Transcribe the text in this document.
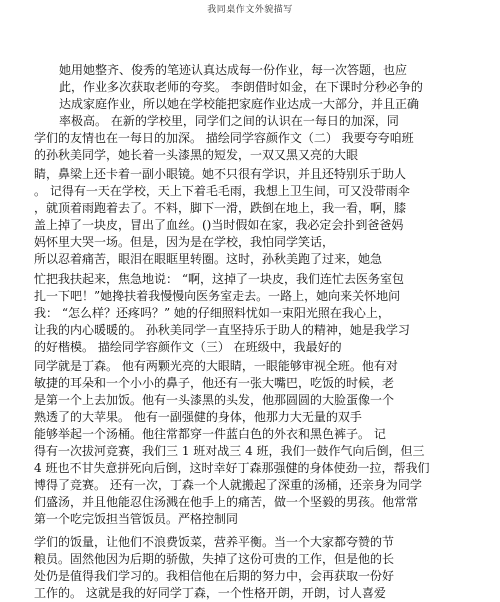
我同桌作文外貌描写
她用她整齐、俊秀的笔迹认真达成每一份作业，每一次答题，也应
此，作业多次获取老师的夸奖。 李朗借时如金，在下课时分秒必争的
达成家庭作业，所以她在学校能把家庭作业达成一大部分，并且正确
率极高。 在新的学校里，同学们之间的认识在一每日的加深，同
学们的友情也在一每日的加深。 描绘同学容颜作文（二） 我要夸夸咱班
的孙秋美同学，她长着一头漆黑的短发，一双又黑又亮的大眼
睛，鼻梁上还卡着一副小眼镜。她不只很有学识，并且还特别乐于助人
。 记得有一天在学校，天上下着毛毛雨，我想上卫生间，可又没带雨伞
，就顶着雨跑着去了。不料，脚下一滑，跌倒在地上，我一看，啊，膝
盖上掉了一块皮，冒出了血丝。()当时假如在家，我必定会扑到爸爸妈
妈怀里大哭一场。但是，因为是在学校，我怕同学笑话，
所以忍着痛苦，眼泪在眼眶里转圈。这时，孙秋美跑了过来，她急
忙把我扶起来，焦急地说： “啊，这掉了一块皮，我们连忙去医务室包
扎一下吧！”她搀扶着我慢慢向医务室走去。一路上，她向来关怀地问
我： “怎么样？还疼吗？” 她的仔细照料忧如一束阳光照在我心上，
让我的内心暖暖的。 孙秋美同学一直坚持乐于助人的精神，她是我学习
的好楷模。 描绘同学容颜作文（三） 在班级中，我最好的
同学就是丁森。 他有两颗光亮的大眼睛，一眼能够审视全班。他有对
敏捷的耳朵和一个小小的鼻子，他还有一张大嘴巴，吃饭的时候，老
是第一个上去加饭。他有一头漆黑的头发，他那圆圆的大脸蛋像一个
熟透了的大苹果。 他有一副强健的身体，他那力大无量的双手
能够举起一个汤桶。他往常都穿一件蓝白色的外衣和黑色裤子。 记
得有一次拔河竞赛，我们三 1 班对战三 4 班，我们一鼓作气向后倒，但三
4 班也不甘失意拼死向后倒，这时幸好丁森那强健的身体使劲一拉，帮我们
博得了竞赛。 还有一次，丁森一个人就搬起了深重的汤桶，还亲身为同学
们盛汤，并且他能忍住汤溅在他手上的痛苦，做一个坚毅的男孩。他常常
第一个吃完饭担当管饭员。严格控制同
学们的饭量，让他们不浪费饭菜，营养平衡。当一个大家都夸赞的节
粮员。固然他因为后期的骄傲，失掉了这份可贵的工作，但是他的长
处仍是值得我们学习的。我相信他在后期的努力中，会再获取一份好
工作的。 这就是我的好同学丁森，一个性格开朗，开朗，讨人喜爱
